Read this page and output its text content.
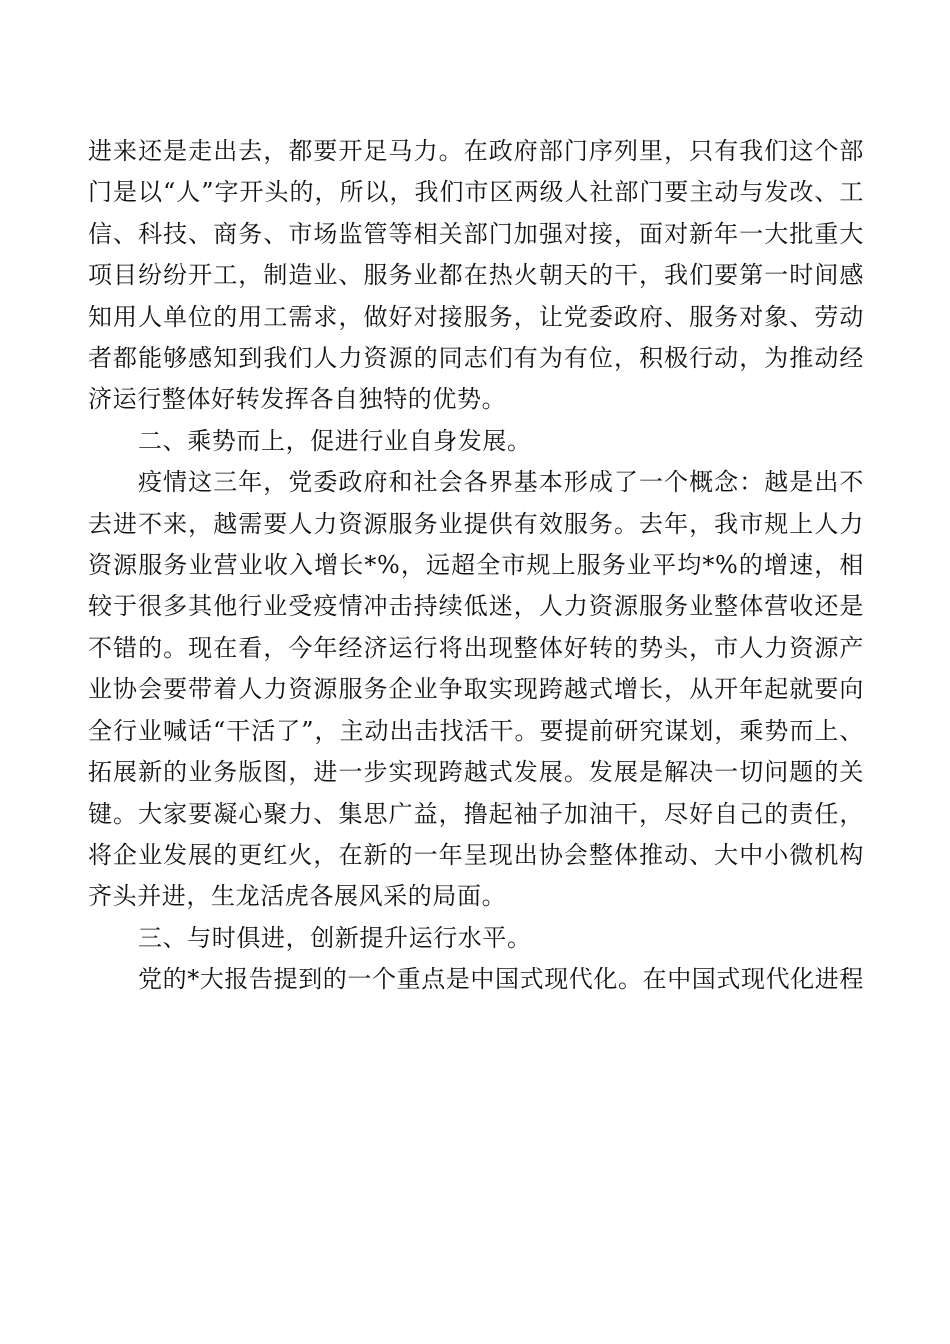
进来还是走出去，都要开足马力。在政府部门序列里，只有我们这个部门是以“人”字开头的，所以，我们市区两级人社部门要主动与发改、工信、科技、商务、市场监管等相关部门加强对接，面对新年一大批重大项目纷纷开工，制造业、服务业都在热火朝天的干，我们要第一时间感知用人单位的用工需求，做好对接服务，让党委政府、服务对象、劳动者都能够感知到我们人力资源的同志们有为有位，积极行动，为推动经济运行整体好转发挥各自独特的优势。

二、乘势而上，促进行业自身发展。

疫情这三年，党委政府和社会各界基本形成了一个概念：越是出不去进不来，越需要人力资源服务业提供有效服务。去年，我市规上人力资源服务业营业收入增长*%，远超全市规上服务业平均*%的增速，相较于很多其他行业受疫情冲击持续低迷，人力资源服务业整体营收还是不错的。现在看，今年经济运行将出现整体好转的势头，市人力资源产业协会要带着人力资源服务企业争取实现跨越式增长，从开年起就要向全行业喊话“干活了”，主动出击找活干。要提前研究谋划，乘势而上、拓展新的业务版图，进一步实现跨越式发展。发展是解决一切问题的关键。大家要凝心聚力、集思广益，撸起袖子加油干，尽好自己的责任，将企业发展的更红火，在新的一年呈现出协会整体推动、大中小微机构齐头并进，生龙活虎各展风采的局面。

三、与时俱进，创新提升运行水平。

党的*大报告提到的一个重点是中国式现代化。在中国式现代化进程
